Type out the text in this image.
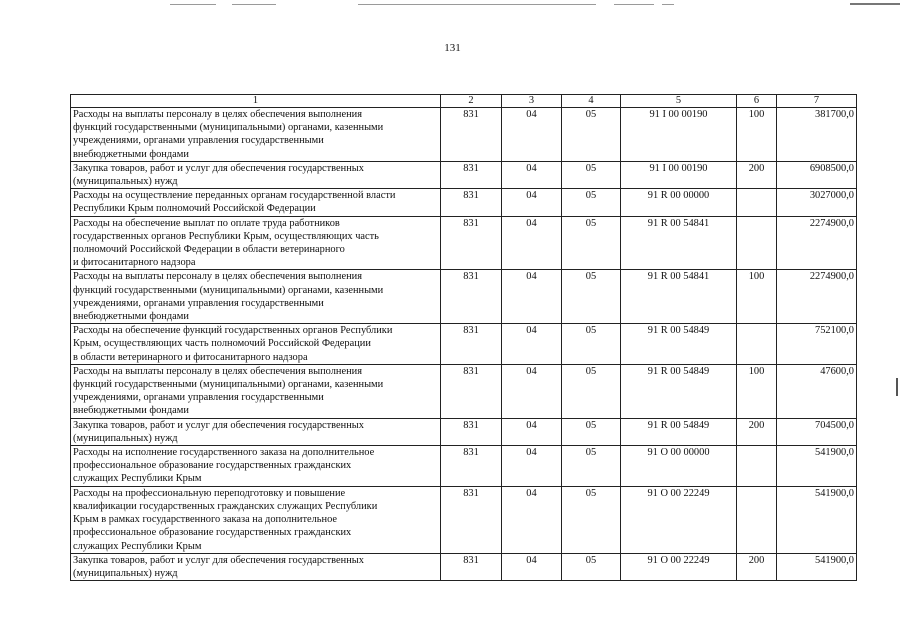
131
1	2	3	4	5	6	7
Расходы на выплаты персоналу в целях обеспечения выполнения
функций государственными (муниципальными) органами, казенными
учреждениями, органами управления государственными
внебюджетными фондами	831	04	05	91 I 00 00190	100	381700,0
Закупка товаров, работ и услуг для обеспечения государственных
(муниципальных) нужд	831	04	05	91 I 00 00190	200	6908500,0
Расходы на осуществление переданных органам государственной власти
Республики Крым полномочий Российской Федерации	831	04	05	91 R 00 00000		3027000,0
Расходы на обеспечение выплат по оплате труда работников
государственных органов Республики Крым, осуществляющих часть
полномочий Российской Федерации в области ветеринарного
и фитосанитарного надзора	831	04	05	91 R 00 54841		2274900,0
Расходы на выплаты персоналу в целях обеспечения выполнения
функций государственными (муниципальными) органами, казенными
учреждениями, органами управления государственными
внебюджетными фондами	831	04	05	91 R 00 54841	100	2274900,0
Расходы на обеспечение функций государственных органов Республики
Крым, осуществляющих часть полномочий Российской Федерации
в области ветеринарного и фитосанитарного надзора	831	04	05	91 R 00 54849		752100,0
Расходы на выплаты персоналу в целях обеспечения выполнения
функций государственными (муниципальными) органами, казенными
учреждениями, органами управления государственными
внебюджетными фондами	831	04	05	91 R 00 54849	100	47600,0
Закупка товаров, работ и услуг для обеспечения государственных
(муниципальных) нужд	831	04	05	91 R 00 54849	200	704500,0
Расходы на исполнение государственного заказа на дополнительное
профессиональное образование государственных гражданских
служащих Республики Крым	831	04	05	91 O 00 00000		541900,0
Расходы на профессиональную переподготовку и повышение
квалификации государственных гражданских служащих Республики
Крым в рамках государственного заказа на дополнительное
профессиональное образование государственных гражданских
служащих Республики Крым	831	04	05	91 O 00 22249		541900,0
Закупка товаров, работ и услуг для обеспечения государственных
(муниципальных) нужд	831	04	05	91 O 00 22249	200	541900,0
